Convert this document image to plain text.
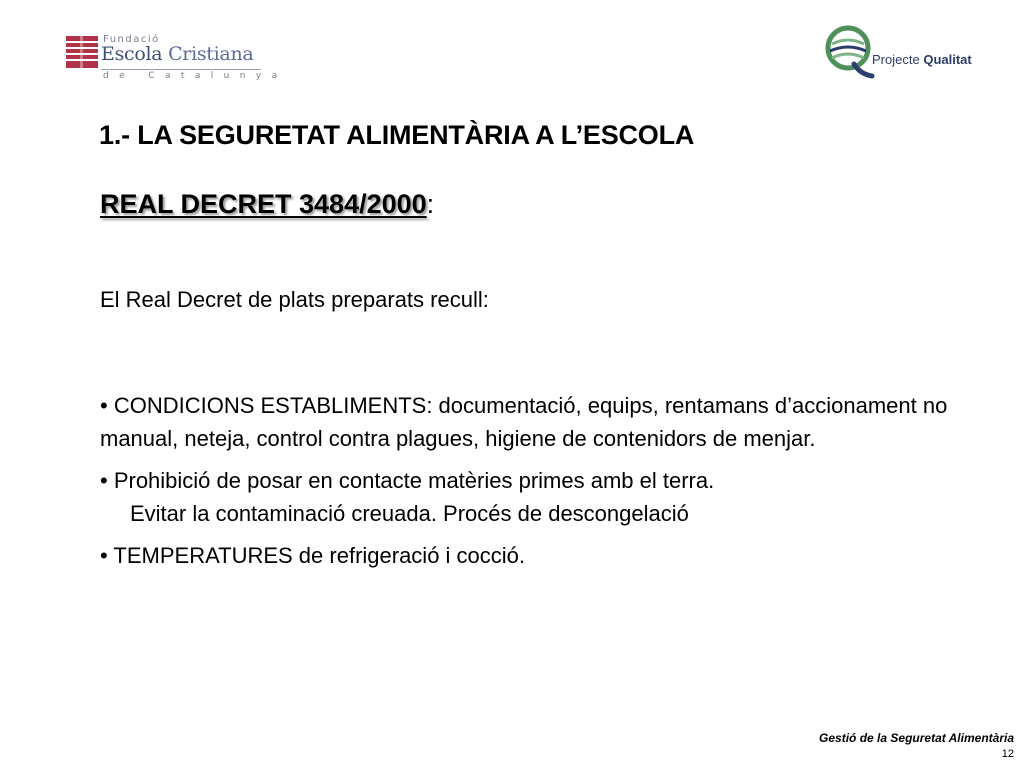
Fundació
Escola Cristiana
de Catalunya
Projecte Qualitat
1.- LA SEGURETAT ALIMENTÀRIA A L’ESCOLA
REAL DECRET 3484/2000:

El Real Decret de plats preparats recull:

• CONDICIONS ESTABLIMENTS: documentació, equips, rentamans d’accionament no manual, neteja, control contra plagues, higiene de contenidors de menjar.
• Prohibició de posar en contacte matèries primes amb el terra.
Evitar la contaminació creuada. Procés de descongelació
• TEMPERATURES de refrigeració i cocció.
Gestió de la Seguretat Alimentària
12
